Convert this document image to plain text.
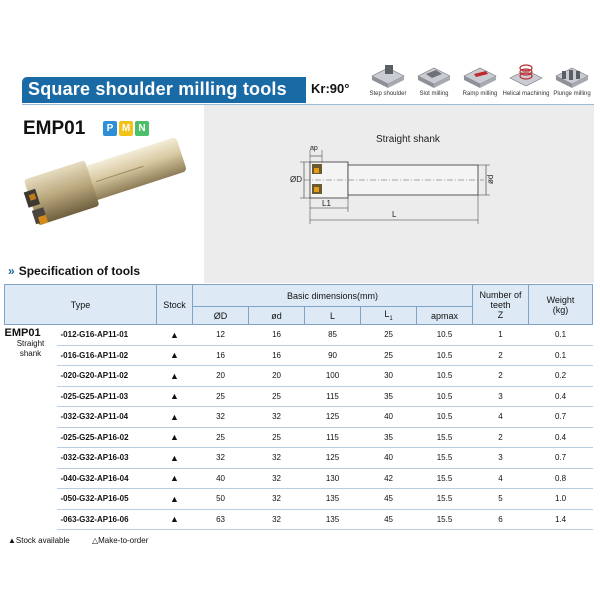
Square shoulder milling tools Kr:90°	Step shoulder	Slot milling	Ramp milling Helical machining Plunge milling
EMP01	P M N
Straight shank
ap
ØD	ød
L1
L
» Specification of tools
Type		Stock	Basic dimensions(mm)					Number of
teeth
Z	Weight
(kg)
			ØD	ød	L	$L_1$	apmax		

EMP01
Straight
shank	-012-G16-AP11-01	▲	12	16	85	25	10.5	1	0.1
	-016-G16-AP11-02	▲	16	16	90	25	10.5	2	0.1
	-020-G20-AP11-02	▲	20	20	100	30	10.5	2	0.2
	-025-G25-AP11-03	▲	25	25	115	35	10.5	3	0.4
	-032-G32-AP11-04	▲	32	32	125	40	10.5	4	0.7
	-025-G25-AP16-02	▲	25	25	115	35	15.5	2	0.4
	-032-G32-AP16-03	▲	32	32	125	40	15.5	3	0.7
	-040-G32-AP16-04	▲	40	32	130	42	15.5	4	0.8
	-050-G32-AP16-05	▲	50	32	135	45	15.5	5	1.0
	-063-G32-AP16-06	▲	63	32	135	45	15.5	6	1.4
▲Stock available	△Make-to-order
